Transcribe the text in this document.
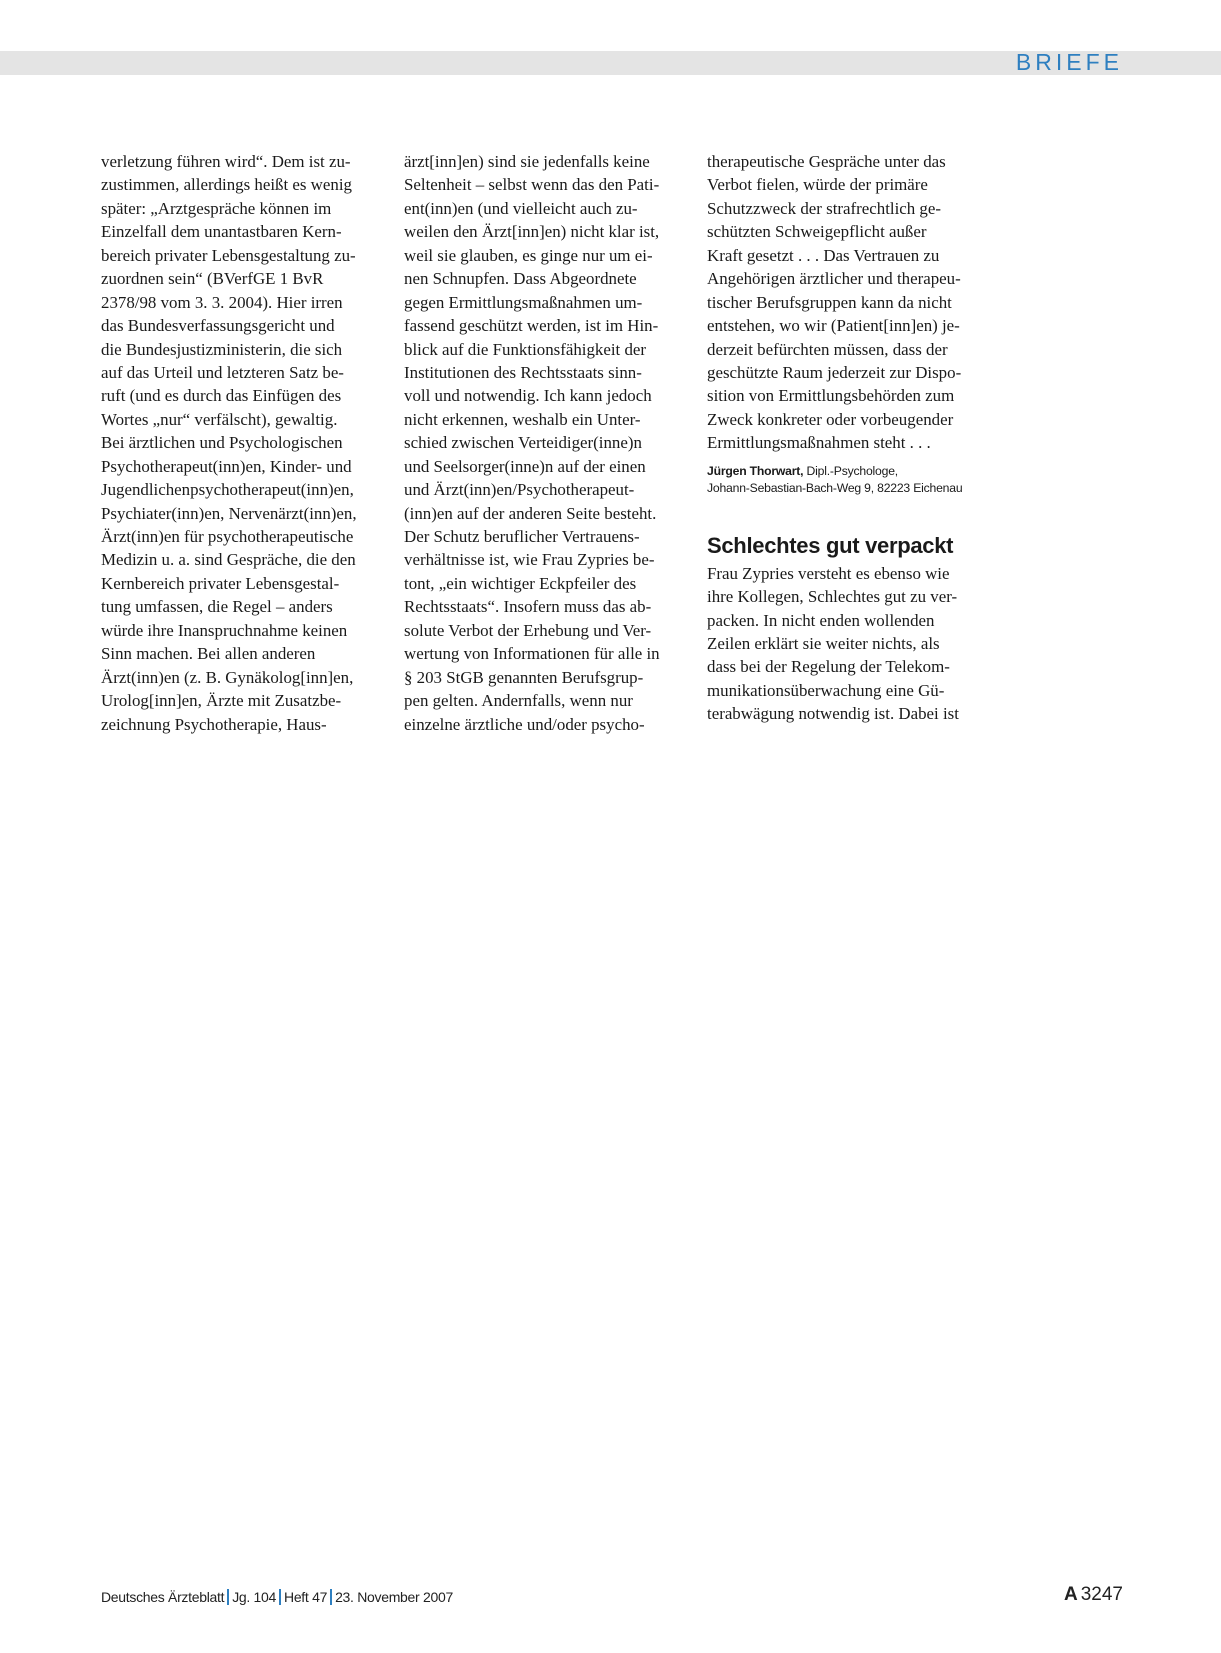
BRIEFE
verletzung führen wird“. Dem ist zu-
zustimmen, allerdings heißt es wenig
später: „Arztgespräche können im
Einzelfall dem unantastbaren Kern-
bereich privater Lebensgestaltung zu-
zuordnen sein“ (BVerfGE 1 BvR
2378/98 vom 3. 3. 2004). Hier irren
das Bundesverfassungsgericht und
die Bundesjustizministerin, die sich
auf das Urteil und letzteren Satz be-
ruft (und es durch das Einfügen des
Wortes „nur“ verfälscht), gewaltig.
Bei ärztlichen und Psychologischen
Psychotherapeut(inn)en, Kinder- und
Jugendlichenpsychotherapeut(inn)en,
Psychiater(inn)en, Nervenärzt(inn)en,
Ärzt(inn)en für psychotherapeutische
Medizin u. a. sind Gespräche, die den
Kernbereich privater Lebensgestal-
tung umfassen, die Regel – anders
würde ihre Inanspruchnahme keinen
Sinn machen. Bei allen anderen
Ärzt(inn)en (z. B. Gynäkolog[inn]en,
Urolog[inn]en, Ärzte mit Zusatzbe-
zeichnung Psychotherapie, Haus-
ärzt[inn]en) sind sie jedenfalls keine
Seltenheit – selbst wenn das den Pati-
ent(inn)en (und vielleicht auch zu-
weilen den Ärzt[inn]en) nicht klar ist,
weil sie glauben, es ginge nur um ei-
nen Schnupfen. Dass Abgeordnete
gegen Ermittlungsmaßnahmen um-
fassend geschützt werden, ist im Hin-
blick auf die Funktionsfähigkeit der
Institutionen des Rechtsstaats sinn-
voll und notwendig. Ich kann jedoch
nicht erkennen, weshalb ein Unter-
schied zwischen Verteidiger(inne)n
und Seelsorger(inne)n auf der einen
und Ärzt(inn)en/Psychotherapeut-
(inn)en auf der anderen Seite besteht.
Der Schutz beruflicher Vertrauens-
verhältnisse ist, wie Frau Zypries be-
tont, „ein wichtiger Eckpfeiler des
Rechtsstaats“. Insofern muss das ab-
solute Verbot der Erhebung und Ver-
wertung von Informationen für alle in
§ 203 StGB genannten Berufsgrup-
pen gelten. Andernfalls, wenn nur
einzelne ärztliche und/oder psycho-
therapeutische Gespräche unter das
Verbot fielen, würde der primäre
Schutzzweck der strafrechtlich ge-
schützten Schweigepflicht außer
Kraft gesetzt . . . Das Vertrauen zu
Angehörigen ärztlicher und therapeu-
tischer Berufsgruppen kann da nicht
entstehen, wo wir (Patient[inn]en) je-
derzeit befürchten müssen, dass der
geschützte Raum jederzeit zur Dispo-
sition von Ermittlungsbehörden zum
Zweck konkreter oder vorbeugender
Ermittlungsmaßnahmen steht . . .
Jürgen Thorwart, Dipl.-Psychologe,
Johann-Sebastian-Bach-Weg 9, 82223 Eichenau
Schlechtes gut verpackt
Frau Zypries versteht es ebenso wie
ihre Kollegen, Schlechtes gut zu ver-
packen. In nicht enden wollenden
Zeilen erklärt sie weiter nichts, als
dass bei der Regelung der Telekom-
munikationsüberwachung eine Gü-
terabwägung notwendig ist. Dabei ist
Deutsches Ärzteblatt Jg. 104 Heft 47 23. November 2007	A 3247
